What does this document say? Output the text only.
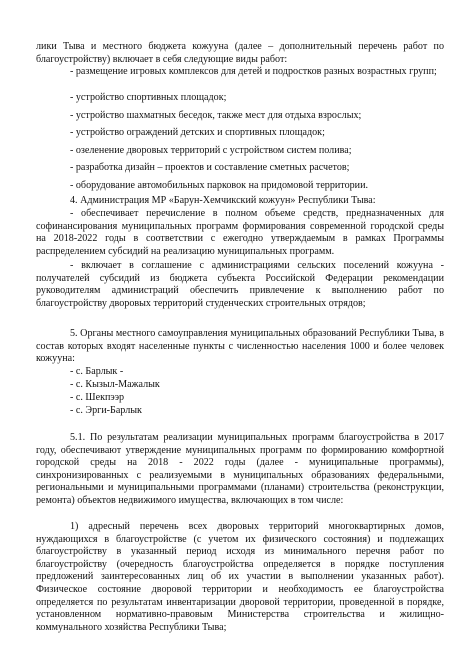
лики Тыва и местного бюджета кожууна (далее – дополнительный перечень работ по благоустройству) включает в себя следующие виды работ:

- размещение игровых комплексов для детей и подростков разных возрастных групп;

- устройство спортивных площадок;

- устройство шахматных беседок, также мест для отдыха взрослых;

- устройство ограждений детских и спортивных площадок;

- озеленение дворовых территорий с устройством систем полива;

- разработка дизайн – проектов и составление сметных расчетов;

- оборудование автомобильных парковок на придомовой территории.

4. Администрация МР «Барун-Хемчикский кожуун» Республики Тыва:

- обеспечивает перечисление в полном объеме средств, предназначенных для софинансирования муниципальных программ формирования современной городской среды на 2018-2022 годы в соответствии с ежегодно утверждаемым в рамках Программы распределением субсидий на реализацию муниципальных программ.

- включает в соглашение с администрациями сельских поселений кожууна - получателей субсидий из бюджета субъекта Российской Федерации рекомендации руководителям администраций обеспечить привлечение к выполнению работ по благоустройству дворовых территорий студенческих строительных отрядов;

5. Органы местного самоуправления муниципальных образований Республики Тыва, в состав которых входят населенные пункты с численностью населения 1000 и более человек кожууна:

- с. Барлык -

- с. Кызыл-Мажалык

- с. Шекпээр

- с. Эрги-Барлык

5.1. По результатам реализации муниципальных программ благоустройства в 2017 году, обеспечивают утверждение муниципальных программ по формированию комфортной городской среды на 2018 - 2022 годы (далее - муниципальные программы), синхронизированных с реализуемыми в муниципальных образованиях федеральными, региональными и муниципальными программами (планами) строительства (реконструкции, ремонта) объектов недвижимого имущества, включающих в том числе:

1) адресный перечень всех дворовых территорий многоквартирных домов, нуждающихся в благоустройстве (с учетом их физического состояния) и подлежащих благоустройству в указанный период исходя из минимального перечня работ по благоустройству (очередность благоустройства определяется в порядке поступления предложений заинтересованных лиц об их участии в выполнении указанных работ). Физическое состояние дворовой территории и необходимость ее благоустройства определяется по результатам инвентаризации дворовой территории, проведенной в порядке, установленном нормативно-правовым Министерства строительства и жилищно-коммунального хозяйства Республики Тыва;
